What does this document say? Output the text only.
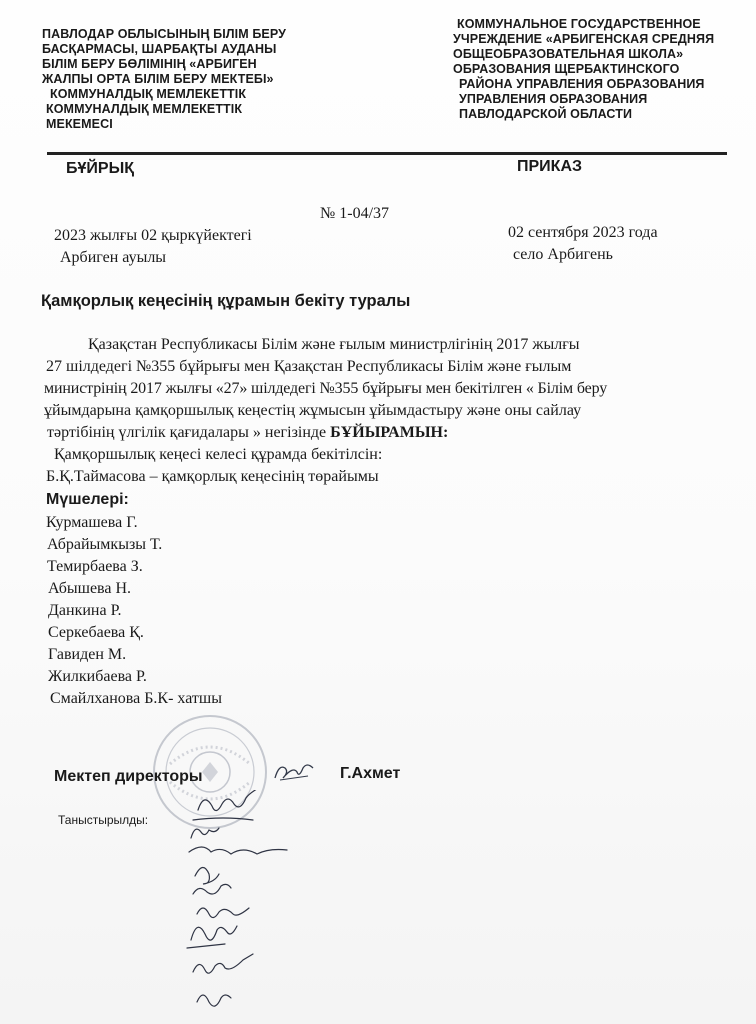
ПАВЛОДАР ОБЛЫСЫНЫҢ БІЛІМ БЕРУ
БАСҚАРМАСЫ, ШАРБАҚТЫ АУДАНЫ
БІЛІМ БЕРУ БӨЛІМІНІҢ «АРБИГЕН
ЖАЛПЫ ОРТА БІЛІМ БЕРУ МЕКТЕБІ»
КОММУНАЛДЫҚ МЕМЛЕКЕТТІК
КОММУНАЛДЫҚ МЕМЛЕКЕТТІК
МЕКЕМЕСІ
КОММУНАЛЬНОЕ ГОСУДАРСТВЕННОЕ
УЧРЕЖДЕНИЕ «АРБИГЕНСКАЯ СРЕДНЯЯ
ОБЩЕОБРАЗОВАТЕЛЬНАЯ ШКОЛА»
ОБРАЗОВАНИЯ ЩЕРБАКТИНСКОГО
РАЙОНА УПРАВЛЕНИЯ ОБРАЗОВАНИЯ
УПРАВЛЕНИЯ ОБРАЗОВАНИЯ
ПАВЛОДАРСКОЙ ОБЛАСТИ
БҰЙРЫҚ	ПРИКАЗ
№ 1-04/37
2023 жылғы 02 қыркүйектегі	02 сентября 2023 года
Арбиген ауылы	село Арбигень
Қамқорлық кеңесінің құрамын бекіту туралы
Қазақстан Республикасы Білім және ғылым министрлігінің 2017 жылғы
27 шілдедегі №355 бұйрығы мен Қазақстан Республикасы Білім және ғылым
министрінің 2017 жылғы «27» шілдедегі №355 бұйрығы мен бекітілген « Білім беру
ұйымдарына қамқоршылық кеңестің жұмысын ұйымдастыру және оны сайлау
тәртібінің үлгілік қағидалары » негізінде БҰЙЫРАМЫН:
Қамқоршылық кеңесі келесі құрамда бекітілсін:
Б.Қ.Таймасова – қамқорлық кеңесінің төрайымы
Мүшелері:
Курмашева Г.
Абрайымкызы Т.
Темирбаева З.
Абышева Н.
Данкина Р.
Серкебаева Қ.
Гавиден М.
Жилкибаева Р.
Смайлханова Б.К- хатшы
Мектеп директоры	Г.Ахмет
Таныстырылды:
